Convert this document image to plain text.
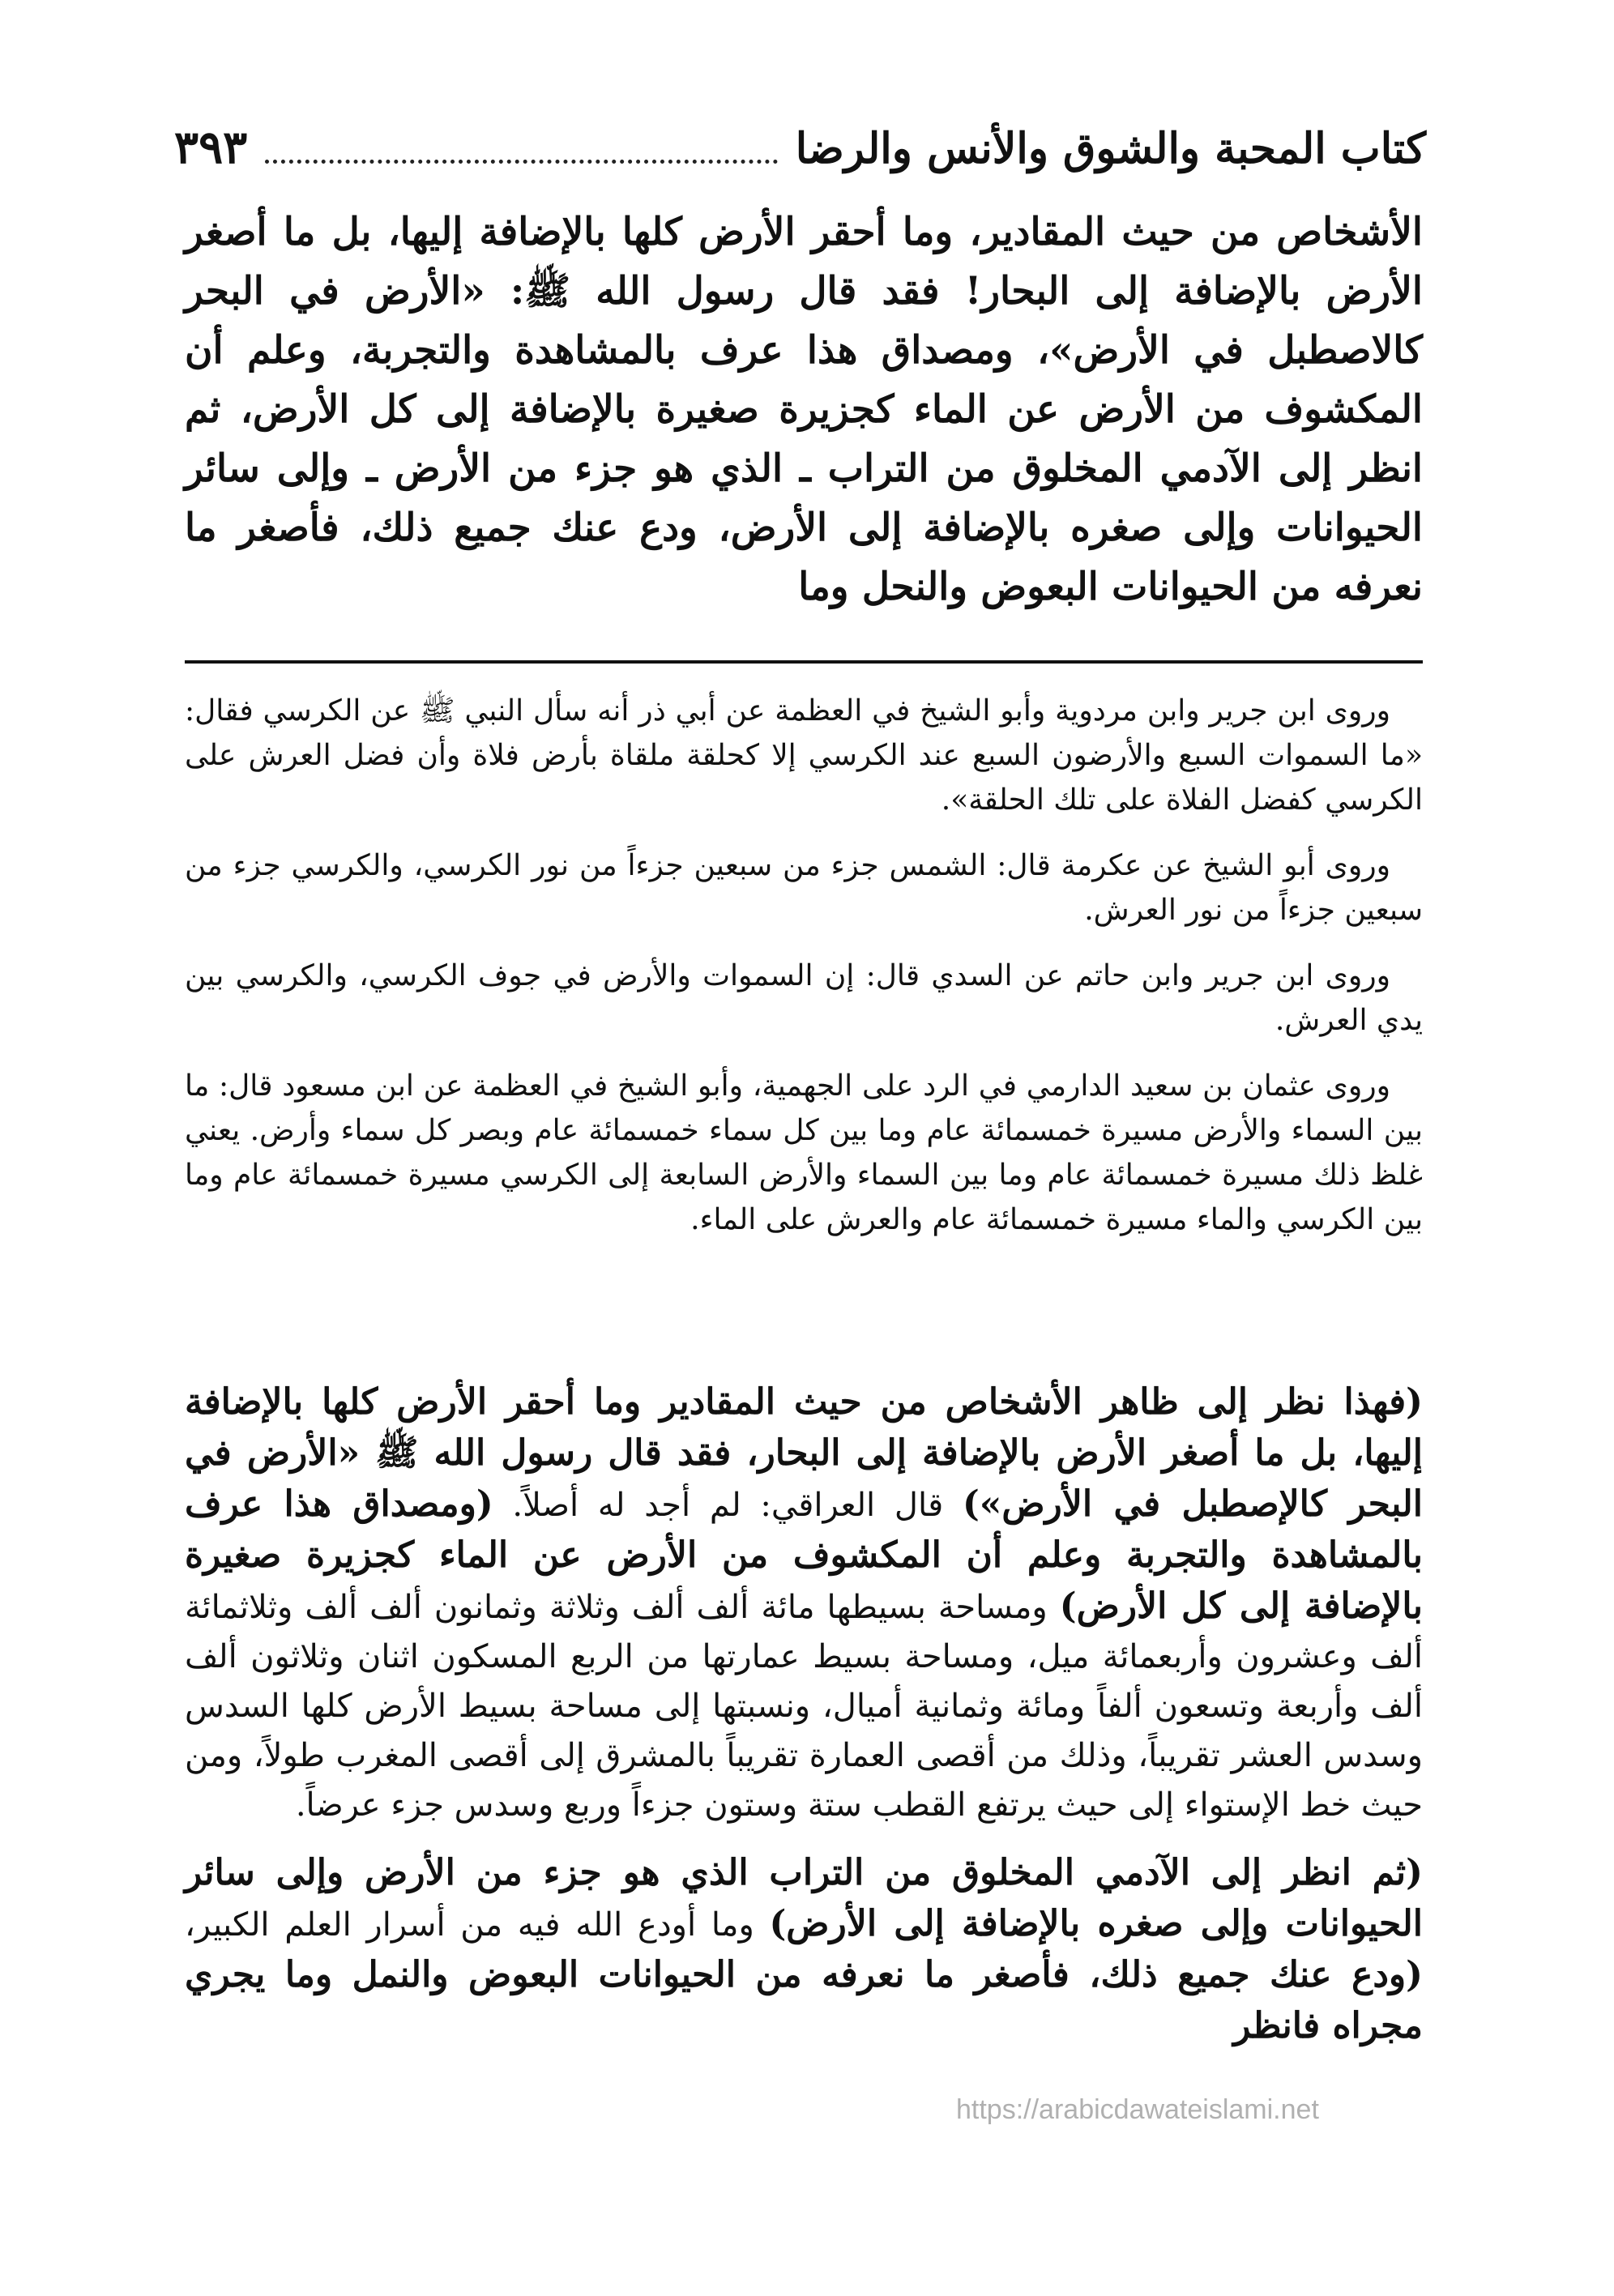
كتاب المحبة والشوق والأنس والرضا
٣٩٣

الأشخاص من حيث المقادير، وما أحقر الأرض كلها بالإضافة إليها، بل ما أصغر الأرض بالإضافة إلى البحار! فقد قال رسول الله ﷺ: «الأرض في البحر كالاصطبل في الأرض»، ومصداق هذا عرف بالمشاهدة والتجربة، وعلم أن المكشوف من الأرض عن الماء كجزيرة صغيرة بالإضافة إلى كل الأرض، ثم انظر إلى الآدمي المخلوق من التراب ـ الذي هو جزء من الأرض ـ وإلى سائر الحيوانات وإلى صغره بالإضافة إلى الأرض، ودع عنك جميع ذلك، فأصغر ما نعرفه من الحيوانات البعوض والنحل وما

وروى ابن جرير وابن مردوية وأبو الشيخ في العظمة عن أبي ذر أنه سأل النبي ﷺ عن الكرسي فقال: «ما السموات السبع والأرضون السبع عند الكرسي إلا كحلقة ملقاة بأرض فلاة وأن فضل العرش على الكرسي كفضل الفلاة على تلك الحلقة».

وروى أبو الشيخ عن عكرمة قال: الشمس جزء من سبعين جزءاً من نور الكرسي، والكرسي جزء من سبعين جزءاً من نور العرش.

وروى ابن جرير وابن حاتم عن السدي قال: إن السموات والأرض في جوف الكرسي، والكرسي بين يدي العرش.

وروى عثمان بن سعيد الدارمي في الرد على الجهمية، وأبو الشيخ في العظمة عن ابن مسعود قال: ما بين السماء والأرض مسيرة خمسمائة عام وما بين كل سماء خمسمائة عام وبصر كل سماء وأرض. يعني غلظ ذلك مسيرة خمسمائة عام وما بين السماء والأرض السابعة إلى الكرسي مسيرة خمسمائة عام وما بين الكرسي والماء مسيرة خمسمائة عام والعرش على الماء.

(فهذا نظر إلى ظاهر الأشخاص من حيث المقادير وما أحقر الأرض كلها بالإضافة إليها، بل ما أصغر الأرض بالإضافة إلى البحار، فقد قال رسول الله ﷺ «الأرض في البحر كالإصطبل في الأرض») قال العراقي: لم أجد له أصلاً. (ومصداق هذا عرف بالمشاهدة والتجربة وعلم أن المكشوف من الأرض عن الماء كجزيرة صغيرة بالإضافة إلى كل الأرض) ومساحة بسيطها مائة ألف ألف وثلاثة وثمانون ألف ألف وثلاثمائة ألف وعشرون وأربعمائة ميل، ومساحة بسيط عمارتها من الربع المسكون اثنان وثلاثون ألف ألف وأربعة وتسعون ألفاً ومائة وثمانية أميال، ونسبتها إلى مساحة بسيط الأرض كلها السدس وسدس العشر تقريباً، وذلك من أقصى العمارة تقريباً بالمشرق إلى أقصى المغرب طولاً، ومن حيث خط الإستواء إلى حيث يرتفع القطب ستة وستون جزءاً وربع وسدس جزء عرضاً.

(ثم انظر إلى الآدمي المخلوق من التراب الذي هو جزء من الأرض وإلى سائر الحيوانات وإلى صغره بالإضافة إلى الأرض) وما أودع الله فيه من أسرار العلم الكبير، (ودع عنك جميع ذلك، فأصغر ما نعرفه من الحيوانات البعوض والنمل وما يجري مجراه فانظر

https://arabicdawateislami.net
